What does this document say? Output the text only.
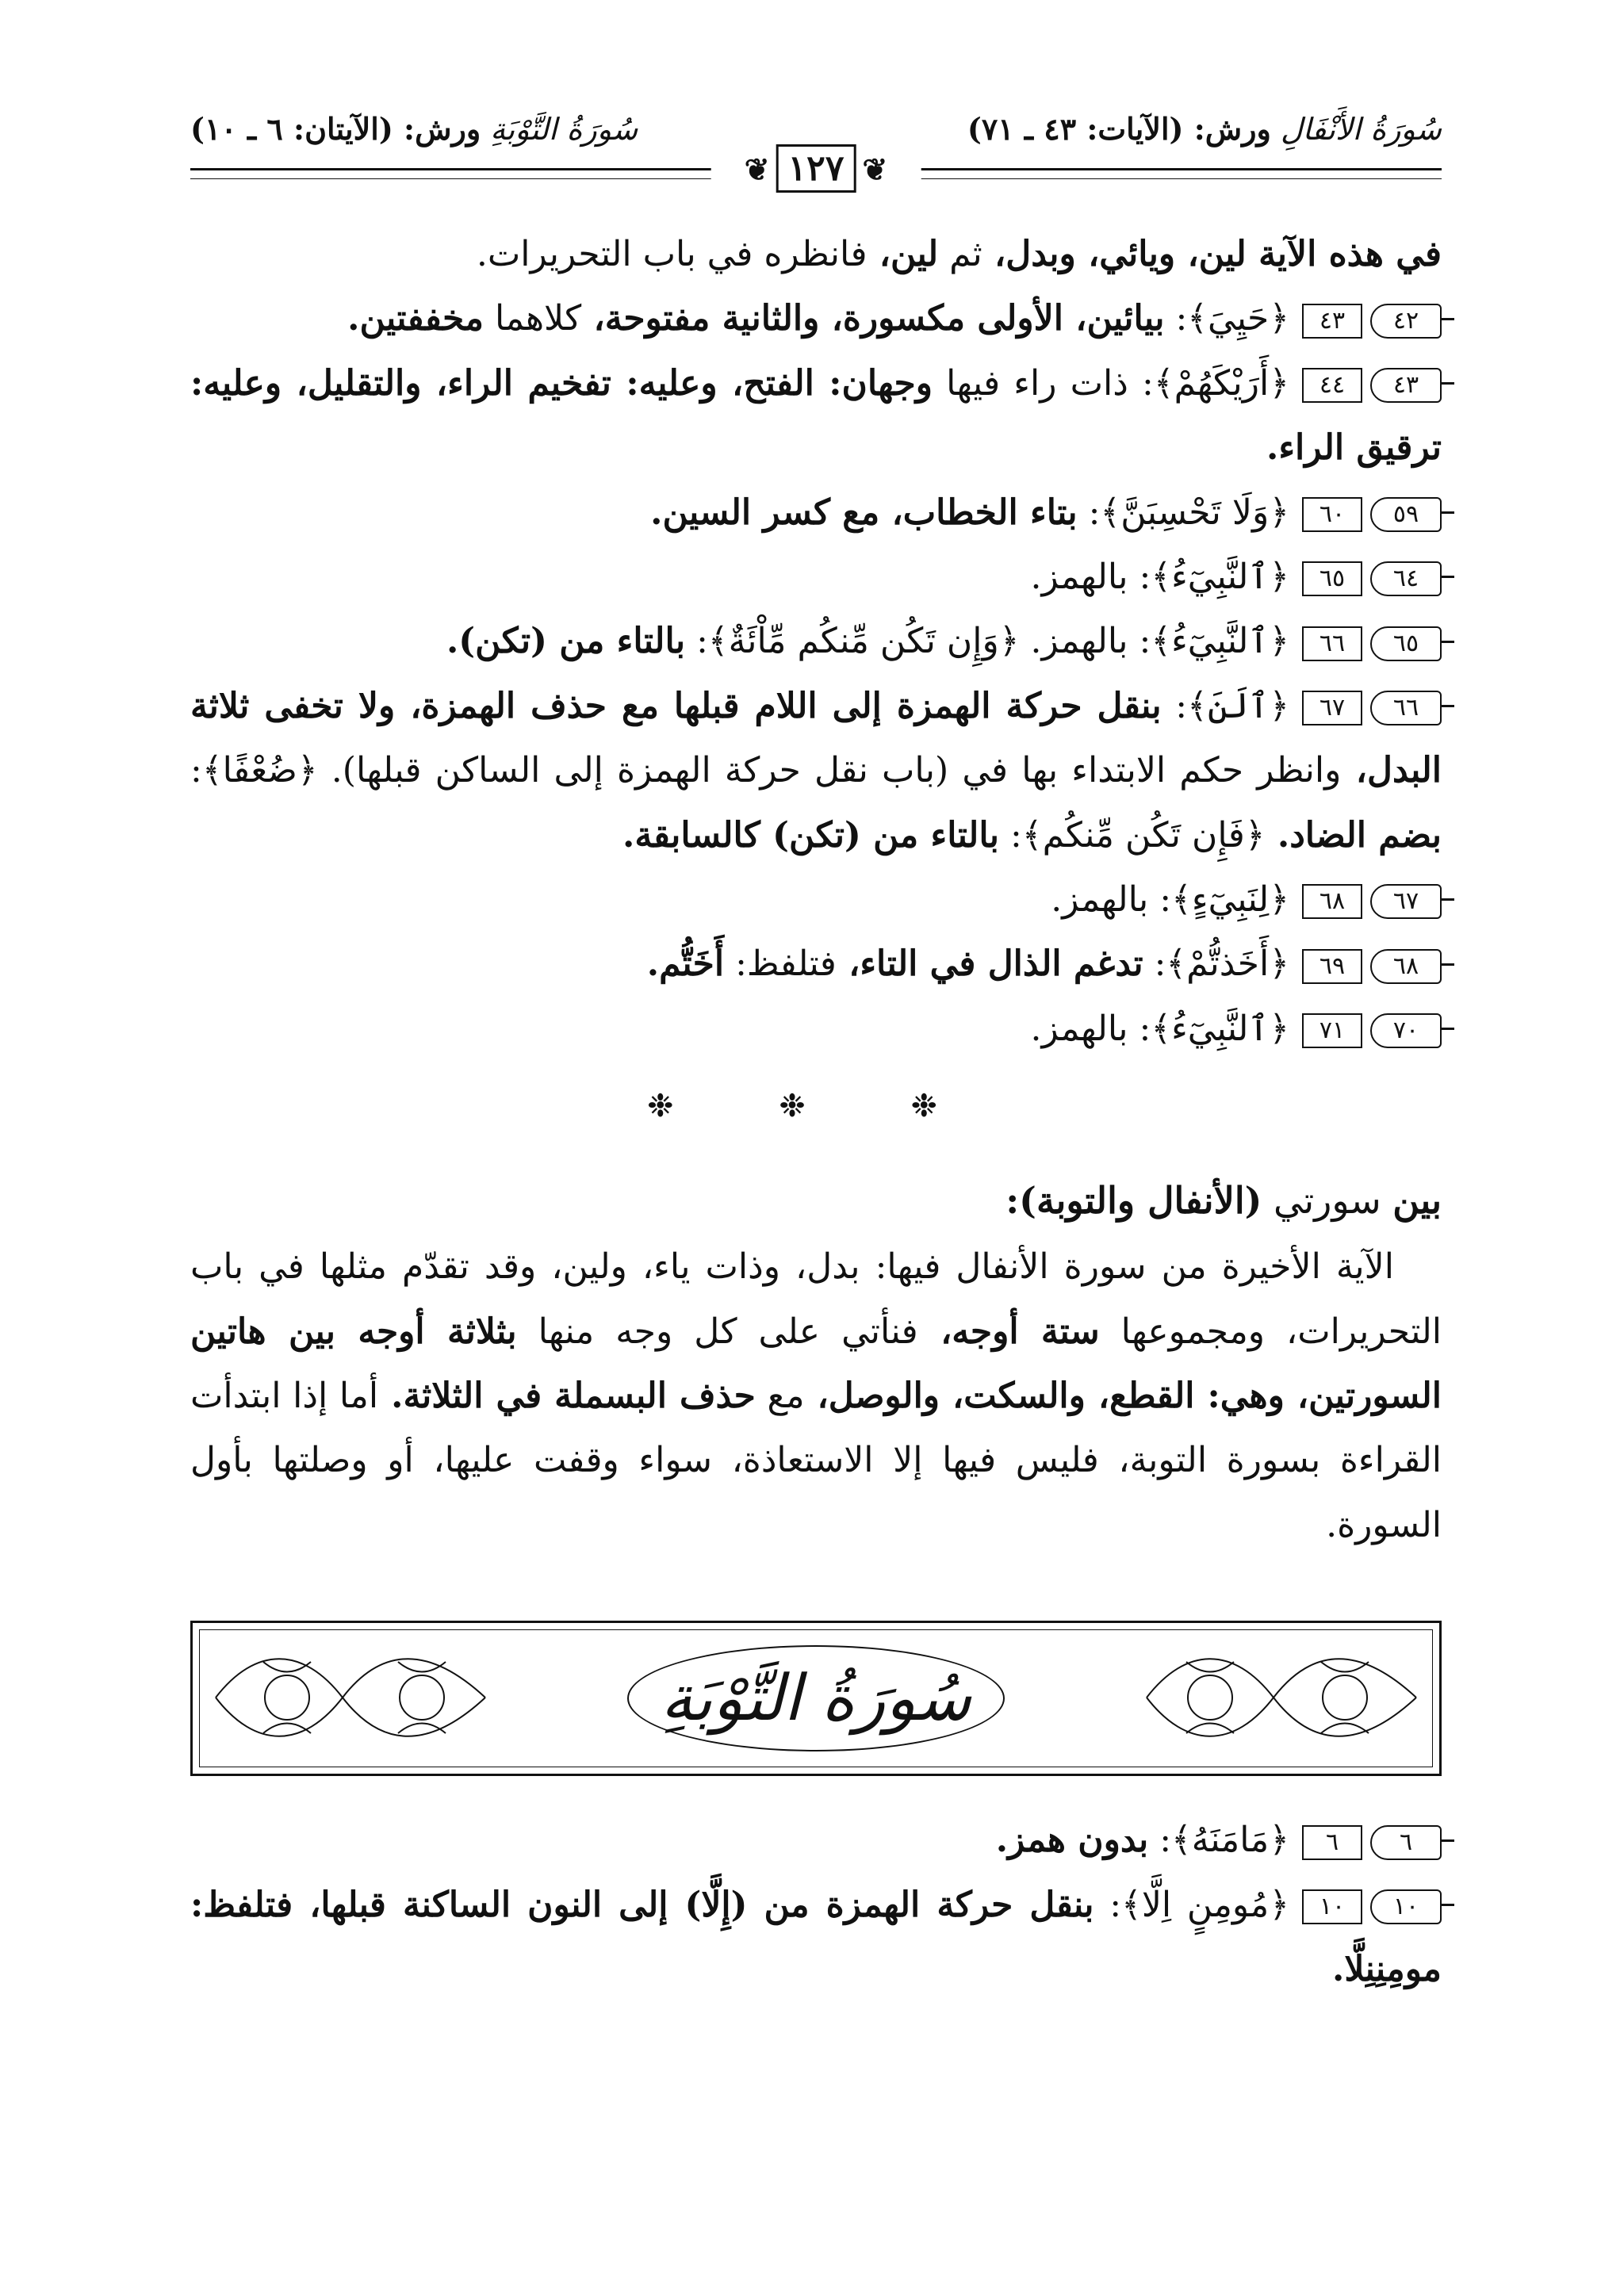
سُورَةُ الأَنْفَالِ ورش: (الآيات: ٤٣ ـ ٧١)
سُورَةُ التَّوْبَةِ ورش: (الآيتان: ٦ ـ ١٠)
❦١٢٧❦

في هذه الآية لين، ويائي، وبدل، ثم لين، فانظره في باب التحريرات.

٤٢
٤٣
﴿حَيِيَ﴾: بيائين، الأولى مكسورة، والثانية مفتوحة، كلاهما مخففتين.

٤٣
٤٤
﴿أَرَيْكَهُمْ﴾: ذات راء فيها وجهان: الفتح، وعليه: تفخيم الراء، والتقليل، وعليه: ترقيق الراء.

٥٩
٦٠
﴿وَلَا تَحْسِبَنَّ﴾: بتاء الخطاب، مع كسر السين.

٦٤
٦٥
﴿ٱلنَّبِيٓءُ﴾: بالهمز.

٦٥
٦٦
﴿ٱلنَّبِيٓءُ﴾: بالهمز. ﴿وَإِن تَكُن مِّنكُم مِّاْئَةٌ﴾: بالتاء من (تكن).

٦٦
٦٧
﴿ٱلَنَ﴾: بنقل حركة الهمزة إلى اللام قبلها مع حذف الهمزة، ولا تخفى ثلاثة البدل، وانظر حكم الابتداء بها في (باب نقل حركة الهمزة إلى الساكن قبلها). ﴿ضُعْفًا﴾: بضم الضاد. ﴿فَإِن تَكُن مِّنكُم﴾: بالتاء من (تكن) كالسابقة.

٦٧
٦٨
﴿لِنَبِيٓءٍ﴾: بالهمز.

٦٨
٦٩
﴿أَخَذتُّمْ﴾: تدغم الذال في التاء، فتلفظ: أَخَتُّم.

٧٠
٧١
﴿ٱلنَّبِيٓءُ﴾: بالهمز.

❉ ❉ ❉

بين سورتي (الأنفال والتوبة):

الآية الأخيرة من سورة الأنفال فيها: بدل، وذات ياء، ولين، وقد تقدّم مثلها في باب التحريرات، ومجموعها ستة أوجه، فنأتي على كل وجه منها بثلاثة أوجه بين هاتين السورتين، وهي: القطع، والسكت، والوصل، مع حذف البسملة في الثلاثة. أما إذا ابتدأت القراءة بسورة التوبة، فليس فيها إلا الاستعاذة، سواء وقفت عليها، أو وصلتها بأول السورة.

سُورَةُ التَّوْبَةِ

٦
٦
﴿مَامَنَهُ﴾: بدون همز.

١٠
١٠
﴿مُومِنٍ اِلَّا﴾: بنقل حركة الهمزة من (إِلَّا) إلى النون الساكنة قبلها، فتلفظ: مومِنِنِلَّا.
